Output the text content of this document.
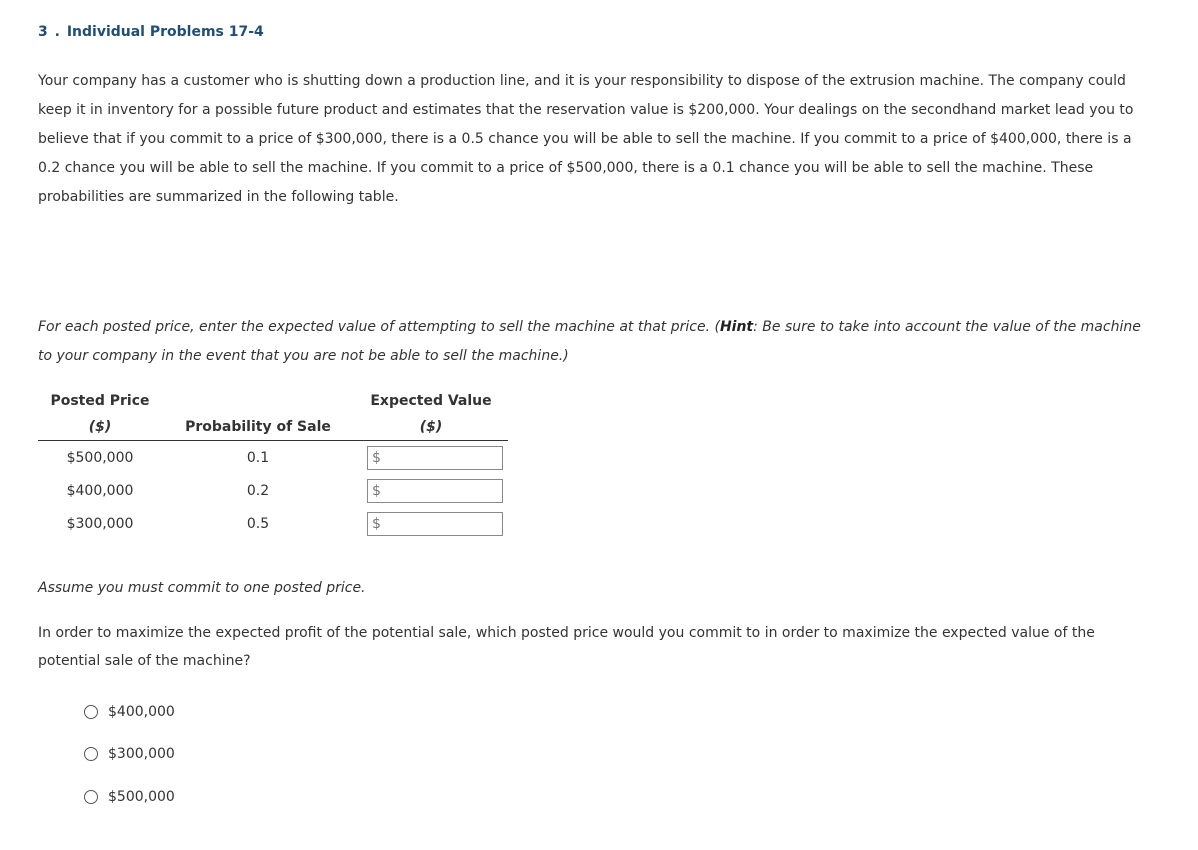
3 . Individual Problems 17-4
Your company has a customer who is shutting down a production line, and it is your responsibility to dispose of the extrusion machine. The company could keep it in inventory for a possible future product and estimates that the reservation value is $200,000. Your dealings on the secondhand market lead you to believe that if you commit to a price of $300,000, there is a 0.5 chance you will be able to sell the machine. If you commit to a price of $400,000, there is a 0.2 chance you will be able to sell the machine. If you commit to a price of $500,000, there is a 0.1 chance you will be able to sell the machine. These probabilities are summarized in the following table.
For each posted price, enter the expected value of attempting to sell the machine at that price. (Hint: Be sure to take into account the value of the machine to your company in the event that you are not be able to sell the machine.)
Posted Price		Expected Value
($)	Probability of Sale	($)

$500,000	0.1	$

$400,000	0.2	$

$300,000	0.5	$
Assume you must commit to one posted price.
In order to maximize the expected profit of the potential sale, which posted price would you commit to in order to maximize the expected value of the potential sale of the machine?
$400,000
$300,000
$500,000
